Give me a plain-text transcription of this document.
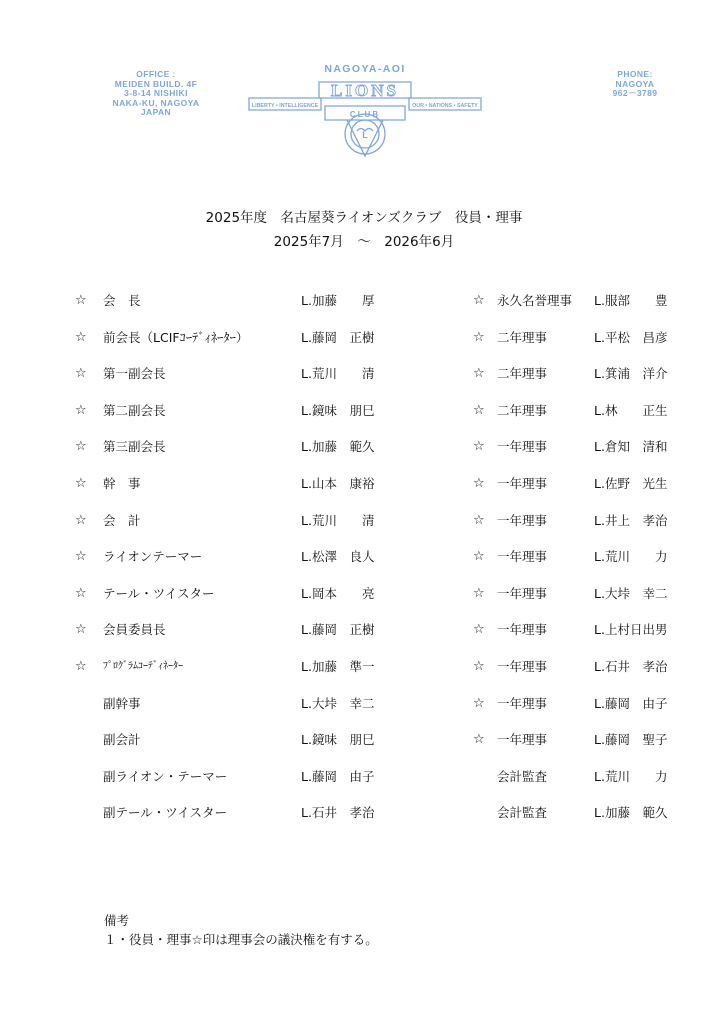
OFFICE :
MEIDEN BUILD. 4F
3-8-14 NISHIKI
NAKA-KU, NAGOYA
JAPAN
NAGOYA-AOI
LIONS
CLUB
LIBERTY • INTELLIGENCE	OUR • NATIONS • SAFETY
L
PHONE:
NAGOYA
962－3789
2025年度　名古屋葵ライオンズクラブ　役員・理事
2025年7月　～　2026年6月
☆ 会　長	L.加藤　　厚
☆ 前会長（LCIFｺｰﾃﾞｨﾈｰﾀｰ）	L.藤岡　正樹
☆ 第一副会長	L.荒川　　清
☆ 第二副会長	L.鏡味　朋巳
☆ 第三副会長	L.加藤　範久
☆ 幹　事	L.山本　康裕
☆ 会　計	L.荒川　　清
☆ ライオンテーマー	L.松澤　良人
☆ テール・ツイスター	L.岡本　　亮
☆ 会員委員長	L.藤岡　正樹
☆ ﾌﾟﾛｸﾞﾗﾑｺｰﾃﾞｨﾈｰﾀｰ	L.加藤　準一
副幹事	L.大垰　幸二
副会計	L.鏡味　朋巳
副ライオン・テーマー	L.藤岡　由子
副テール・ツイスター	L.石井　孝治
☆ 永久名誉理事 L.服部　　豊
☆ 二年理事	L.平松　昌彦
☆ 二年理事	L.箕浦　洋介
☆ 二年理事	L.林　　正生
☆ 一年理事	L.倉知　清和
☆ 一年理事	L.佐野　光生
☆ 一年理事	L.井上　孝治
☆ 一年理事	L.荒川　　力
☆ 一年理事	L.大垰　幸二
☆ 一年理事	L.上村日出男
☆ 一年理事	L.石井　孝治
☆ 一年理事	L.藤岡　由子
☆ 一年理事	L.藤岡　聖子
会計監査	L.荒川　　力
会計監査	L.加藤　範久
備考
１・役員・理事☆印は理事会の議決権を有する。
